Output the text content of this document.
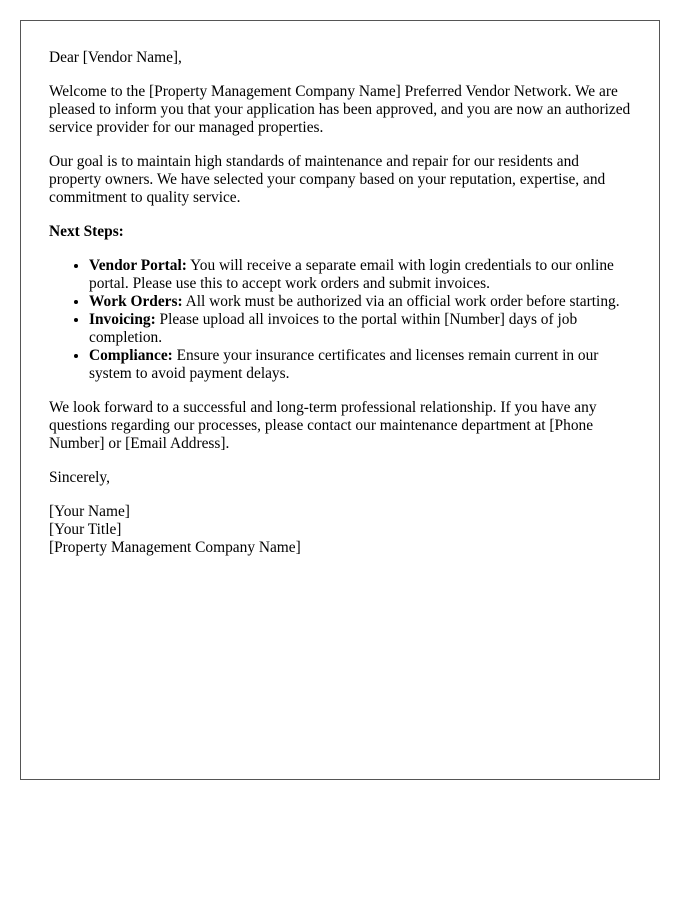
Dear [Vendor Name],

Welcome to the [Property Management Company Name] Preferred Vendor Network. We are pleased to inform you that your application has been approved, and you are now an authorized service provider for our managed properties.

Our goal is to maintain high standards of maintenance and repair for our residents and property owners. We have selected your company based on your reputation, expertise, and commitment to quality service.

Next Steps:

• Vendor Portal: You will receive a separate email with login credentials to our online portal. Please use this to accept work orders and submit invoices.
• Work Orders: All work must be authorized via an official work order before starting.
• Invoicing: Please upload all invoices to the portal within [Number] days of job completion.
• Compliance: Ensure your insurance certificates and licenses remain current in our system to avoid payment delays.

We look forward to a successful and long-term professional relationship. If you have any questions regarding our processes, please contact our maintenance department at [Phone Number] or [Email Address].

Sincerely,

[Your Name]

[Your Title]

[Property Management Company Name]
